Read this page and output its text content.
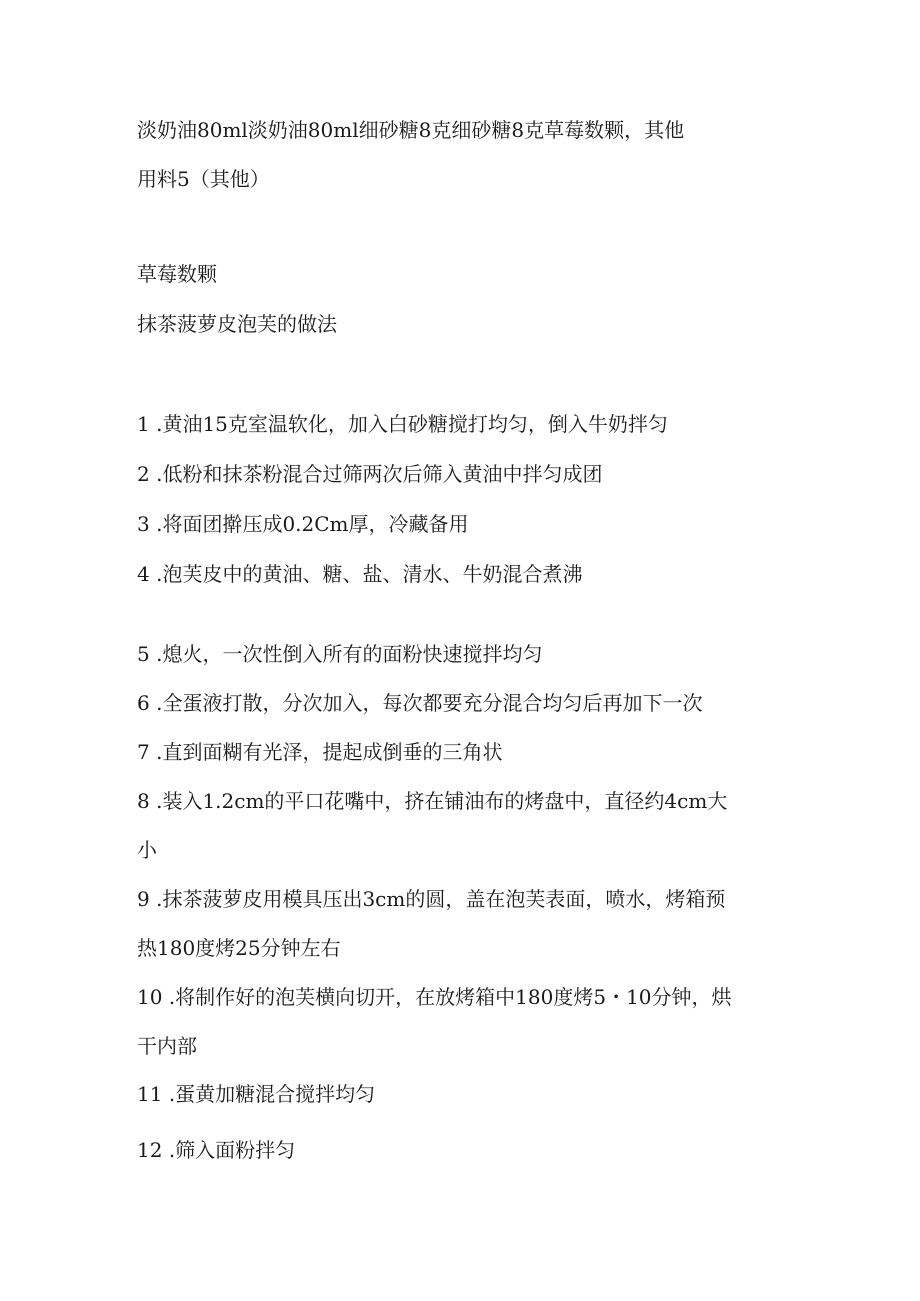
淡奶油80ml淡奶油80ml细砂糖8克细砂糖8克草莓数颗，其他
用料5（其他）
草莓数颗
抹茶菠萝皮泡芙的做法
1 .黄油15克室温软化，加入白砂糖搅打均匀，倒入牛奶拌匀
2 .低粉和抹茶粉混合过筛两次后筛入黄油中拌匀成团
3 .将面团擀压成0.2Cm厚，冷藏备用
4 .泡芙皮中的黄油、糖、盐、清水、牛奶混合煮沸
5 .熄火，一次性倒入所有的面粉快速搅拌均匀
6 .全蛋液打散，分次加入，每次都要充分混合均匀后再加下一次
7 .直到面糊有光泽，提起成倒垂的三角状
8 .装入1.2cm的平口花嘴中，挤在铺油布的烤盘中，直径约4cm大
小
9 .抹茶菠萝皮用模具压出3cm的圆，盖在泡芙表面，喷水，烤箱预
热180度烤25分钟左右
10 .将制作好的泡芙横向切开，在放烤箱中180度烤5・10分钟，烘
干内部
11 .蛋黄加糖混合搅拌均匀
12 .筛入面粉拌匀
